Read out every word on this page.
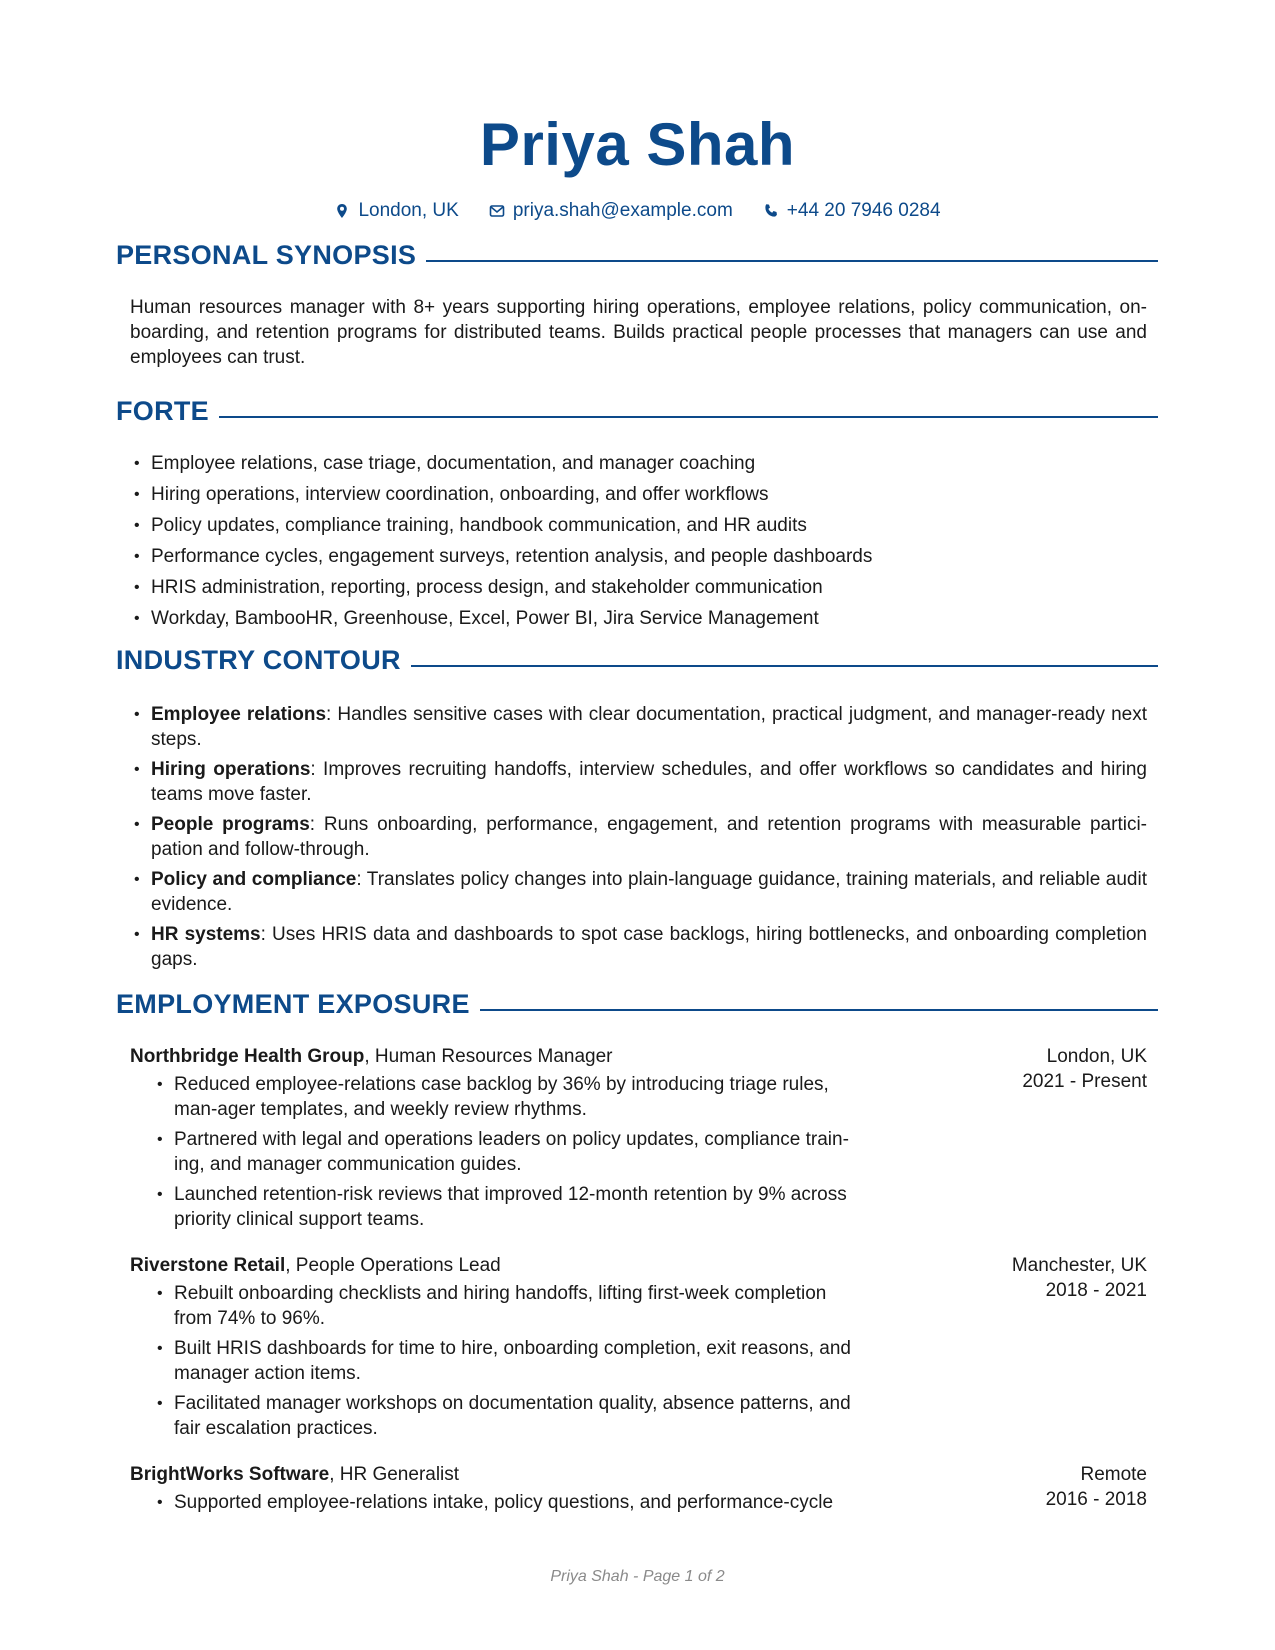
Priya Shah
London, UK	priya.shah@example.com	+44 20 7946 0284
PERSONAL SYNOPSIS
Human resources manager with 8+ years supporting hiring operations, employee relations, policy communication, on-boarding, and retention programs for distributed teams. Builds practical people processes that managers can use and employees can trust.
FORTE
• Employee relations, case triage, documentation, and manager coaching
• Hiring operations, interview coordination, onboarding, and offer workflows
• Policy updates, compliance training, handbook communication, and HR audits
• Performance cycles, engagement surveys, retention analysis, and people dashboards
• HRIS administration, reporting, process design, and stakeholder communication
• Workday, BambooHR, Greenhouse, Excel, Power BI, Jira Service Management
INDUSTRY CONTOUR
• Employee relations: Handles sensitive cases with clear documentation, practical judgment, and manager-ready next steps.
• Hiring operations: Improves recruiting handoffs, interview schedules, and offer workflows so candidates and hiring teams move faster.
• People programs: Runs onboarding, performance, engagement, and retention programs with measurable partici-pation and follow-through.
• Policy and compliance: Translates policy changes into plain-language guidance, training materials, and reliable audit evidence.
• HR systems: Uses HRIS data and dashboards to spot case backlogs, hiring bottlenecks, and onboarding completion gaps.
EMPLOYMENT EXPOSURE
Northbridge Health Group, Human Resources Manager	London, UK
2021 - Present
• Reduced employee-relations case backlog by 36% by introducing triage rules, man-ager templates, and weekly review rhythms.
• Partnered with legal and operations leaders on policy updates, compliance train-ing, and manager communication guides.
• Launched retention-risk reviews that improved 12-month retention by 9% across priority clinical support teams.
Riverstone Retail, People Operations Lead	Manchester, UK
2018 - 2021
• Rebuilt onboarding checklists and hiring handoffs, lifting first-week completion from 74% to 96%.
• Built HRIS dashboards for time to hire, onboarding completion, exit reasons, and manager action items.
• Facilitated manager workshops on documentation quality, absence patterns, and fair escalation practices.
BrightWorks Software, HR Generalist	Remote
2016 - 2018
• Supported employee-relations intake, policy questions, and performance-cycle
Priya Shah - Page 1 of 2
